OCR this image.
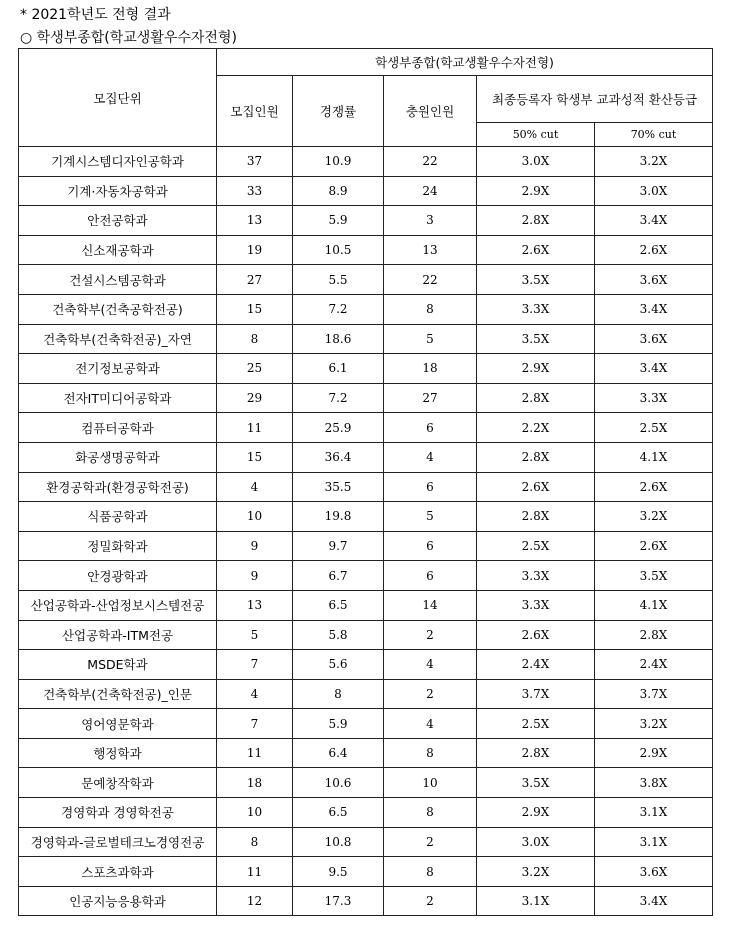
* 2021학년도 전형 결과
○ 학생부종합(학교생활우수자전형)
모집단위	학생부종합(학교생활우수자전형)				
	모집인원	경쟁률	충원인원	최종등록자 학생부 교과성적 환산등급	
				50% cut	70% cut
기계시스템디자인공학과	37	10.9	22	3.0X	3.2X
기계·자동차공학과	33	8.9	24	2.9X	3.0X
안전공학과	13	5.9	3	2.8X	3.4X
신소재공학과	19	10.5	13	2.6X	2.6X
건설시스템공학과	27	5.5	22	3.5X	3.6X
건축학부(건축공학전공)	15	7.2	8	3.3X	3.4X
건축학부(건축학전공)_자연	8	18.6	5	3.5X	3.6X
전기정보공학과	25	6.1	18	2.9X	3.4X
전자IT미디어공학과	29	7.2	27	2.8X	3.3X
컴퓨터공학과	11	25.9	6	2.2X	2.5X
화공생명공학과	15	36.4	4	2.8X	4.1X
환경공학과(환경공학전공)	4	35.5	6	2.6X	2.6X
식품공학과	10	19.8	5	2.8X	3.2X
정밀화학과	9	9.7	6	2.5X	2.6X
안경광학과	9	6.7	6	3.3X	3.5X
산업공학과-산업정보시스템전공	13	6.5	14	3.3X	4.1X
산업공학과-ITM전공	5	5.8	2	2.6X	2.8X
MSDE학과	7	5.6	4	2.4X	2.4X
건축학부(건축학전공)_인문	4	8	2	3.7X	3.7X
영어영문학과	7	5.9	4	2.5X	3.2X
행정학과	11	6.4	8	2.8X	2.9X
문예창작학과	18	10.6	10	3.5X	3.8X
경영학과 경영학전공	10	6.5	8	2.9X	3.1X
경영학과-글로벌테크노경영전공	8	10.8	2	3.0X	3.1X
스포츠과학과	11	9.5	8	3.2X	3.6X
인공지능응용학과	12	17.3	2	3.1X	3.4X
